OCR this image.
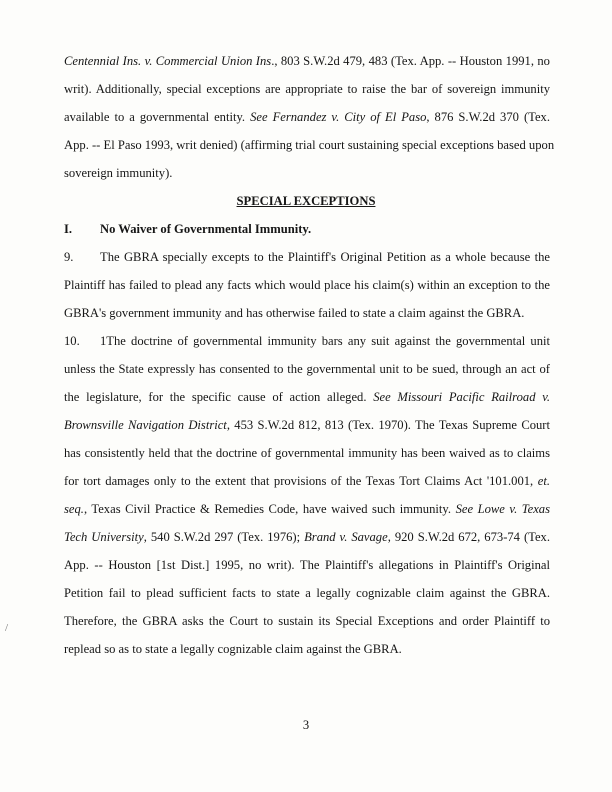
Centennial Ins. v. Commercial Union Ins., 803 S.W.2d 479, 483 (Tex. App. -- Houston 1991, no
writ). Additionally, special exceptions are appropriate to raise the bar of sovereign immunity
available to a governmental entity. See Fernandez v. City of El Paso, 876 S.W.2d 370 (Tex.
App. -- El Paso 1993, writ denied) (affirming trial court sustaining special exceptions based upon
sovereign immunity).
SPECIAL EXCEPTIONS
I. No Waiver of Governmental Immunity.
9. The GBRA specially excepts to the Plaintiff's Original Petition as a whole because the
Plaintiff has failed to plead any facts which would place his claim(s) within an exception to the
GBRA's government immunity and has otherwise failed to state a claim against the GBRA.
10. 1The doctrine of governmental immunity bars any suit against the governmental unit
unless the State expressly has consented to the governmental unit to be sued, through an act of
the legislature, for the specific cause of action alleged. See Missouri Pacific Railroad v.
Brownsville Navigation District, 453 S.W.2d 812, 813 (Tex. 1970). The Texas Supreme Court
has consistently held that the doctrine of governmental immunity has been waived as to claims
for tort damages only to the extent that provisions of the Texas Tort Claims Act '101.001, et.
seq., Texas Civil Practice & Remedies Code, have waived such immunity. See Lowe v. Texas
Tech University, 540 S.W.2d 297 (Tex. 1976); Brand v. Savage, 920 S.W.2d 672, 673-74 (Tex.
App. -- Houston [1st Dist.] 1995, no writ). The Plaintiff's allegations in Plaintiff's Original
Petition fail to plead sufficient facts to state a legally cognizable claim against the GBRA.
Therefore, the GBRA asks the Court to sustain its Special Exceptions and order Plaintiff to
replead so as to state a legally cognizable claim against the GBRA.
3
/
